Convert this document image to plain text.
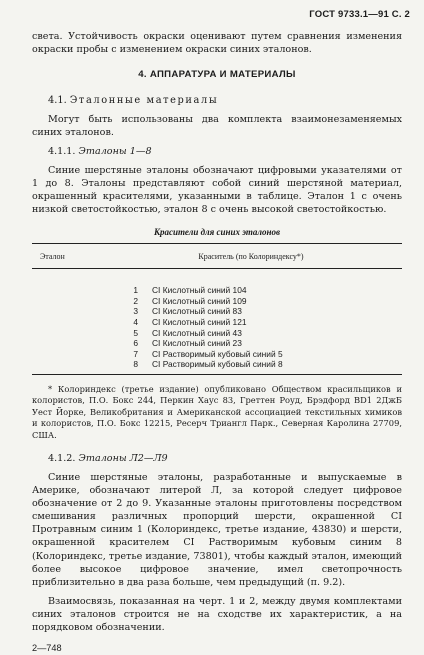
ГОСТ 9733.1—91 С. 2

света. Устойчивость окраски оценивают путем сравнения изменения окраски пробы с изменением окраски синих эталонов.

4. АППАРАТУРА И МАТЕРИАЛЫ
4.1. Эталонные материалы

Могут быть использованы два комплекта взаимонезаменяемых синих эталонов.

4.1.1. Эталоны 1—8

Синие шерстяные эталоны обозначают цифровыми указателями от 1 до 8. Эталоны представляют собой синий шерстяной материал, окрашенный красителями, указанными в таблице. Эталон 1 с очень низкой светостойкостью, эталон 8 с очень высокой светостойкостью.

Красители для синих эталонов
Эталон	Краситель (по Колориндексу*)
1	CI Кислотный синий 104
2	CI Кислотный синий 109
3	CI Кислотный синий 83
4	CI Кислотный синий 121
5	CI Кислотный синий 43
6	CI Кислотный синий 23
7	CI Растворимый кубовый синий 5
8	CI Растворимый кубовый синий 8

* Колориндекс (третье издание) опубликовано Обществом красильщиков и колористов, П.О. Бокс 244, Перкин Хаус 83, Греттен Роуд, Брэдфорд BD1 2ДжБ Уест Йорке, Великобритания и Американской ассоциацией текстильных химиков и колористов, П.О. Бокс 12215, Ресерч Триангл Парк., Северная Каролина 27709, США.

4.1.2. Эталоны Л2—Л9

Синие шерстяные эталоны, разработанные и выпускаемые в Америке, обозначают литерой Л, за которой следует цифровое обозначение от 2 до 9. Указанные эталоны приготовлены посредством смешивания различных пропорций шерсти, окрашенной CI Протравным синим 1 (Колориндекс, третье издание, 43830) и шерсти, окрашенной красителем CI Растворимым кубовым синим 8 (Колориндекс, третье издание, 73801), чтобы каждый эталон, имеющий более высокое цифровое значение, имел светопрочность приблизительно в два раза больше, чем предыдущий (п. 9.2).

Взаимосвязь, показанная на черт. 1 и 2, между двумя комплектами синих эталонов строится не на сходстве их характеристик, а на порядковом обозначении.

2—748
